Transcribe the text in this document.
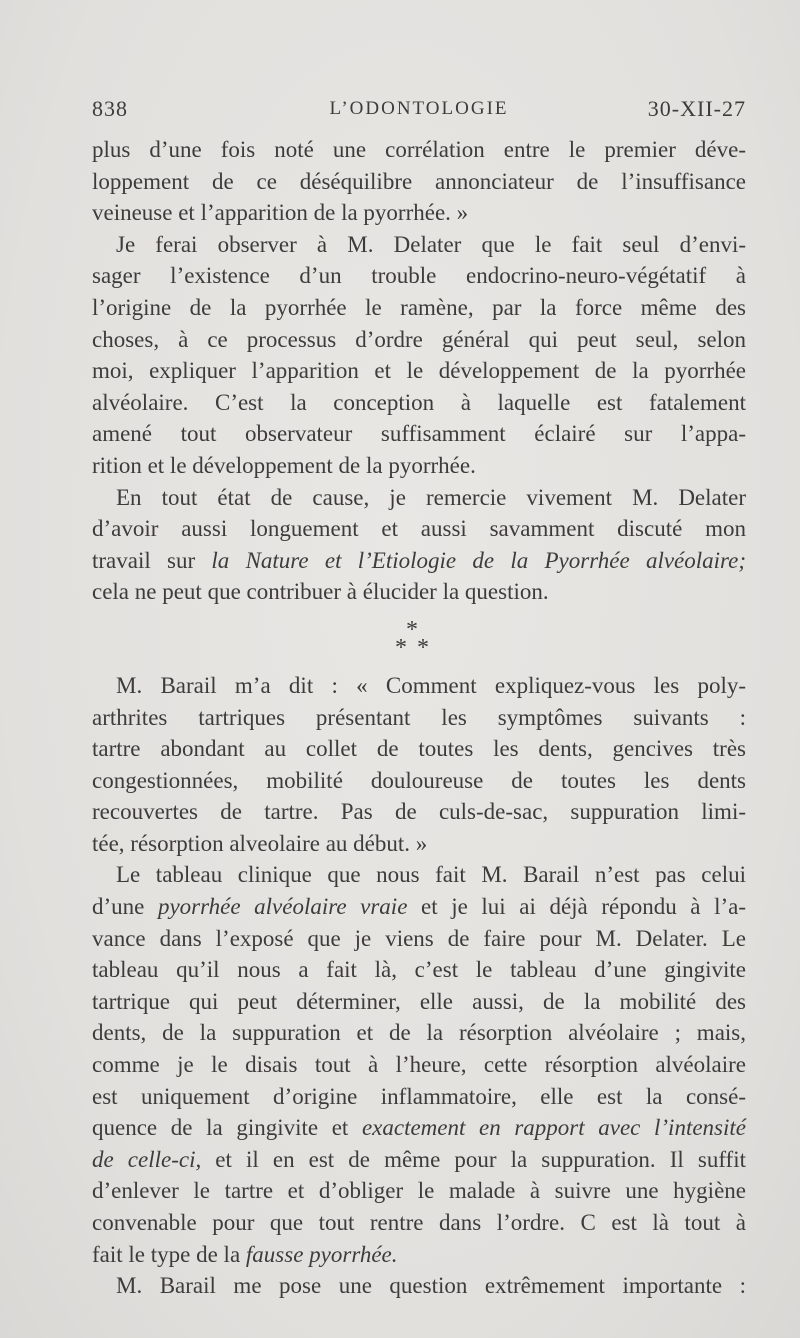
838	L’ODONTOLOGIE	30-XII-27
plus d’une fois noté une corrélation entre le premier déve-
loppement de ce déséquilibre annonciateur de l’insuffisance
veineuse et l’apparition de la pyorrhée. »
Je ferai observer à M. Delater que le fait seul d’envi-
sager l’existence d’un trouble endocrino-neuro-végétatif à
l’origine de la pyorrhée le ramène, par la force même des
choses, à ce processus d’ordre général qui peut seul, selon
moi, expliquer l’apparition et le développement de la pyorrhée
alvéolaire. C’est la conception à laquelle est fatalement
amené tout observateur suffisamment éclairé sur l’appa-
rition et le développement de la pyorrhée.
En tout état de cause, je remercie vivement M. Delater
d’avoir aussi longuement et aussi savamment discuté mon
travail sur la Nature et l’Etiologie de la Pyorrhée alvéolaire;
cela ne peut que contribuer à élucider la question.
*
* *
M. Barail m’a dit : « Comment expliquez-vous les poly-
arthrites tartriques présentant les symptômes suivants :
tartre abondant au collet de toutes les dents, gencives très
congestionnées, mobilité douloureuse de toutes les dents
recouvertes de tartre. Pas de culs-de-sac, suppuration limi-
tée, résorption alveolaire au début. »
Le tableau clinique que nous fait M. Barail n’est pas celui
d’une pyorrhée alvéolaire vraie et je lui ai déjà répondu à l’a-
vance dans l’exposé que je viens de faire pour M. Delater. Le
tableau qu’il nous a fait là, c’est le tableau d’une gingivite
tartrique qui peut déterminer, elle aussi, de la mobilité des
dents, de la suppuration et de la résorption alvéolaire ; mais,
comme je le disais tout à l’heure, cette résorption alvéolaire
est uniquement d’origine inflammatoire, elle est la consé-
quence de la gingivite et exactement en rapport avec l’intensité
de celle-ci, et il en est de même pour la suppuration. Il suffit
d’enlever le tartre et d’obliger le malade à suivre une hygiène
convenable pour que tout rentre dans l’ordre. C est là tout à
fait le type de la fausse pyorrhée.
M. Barail me pose une question extrêmement importante :
